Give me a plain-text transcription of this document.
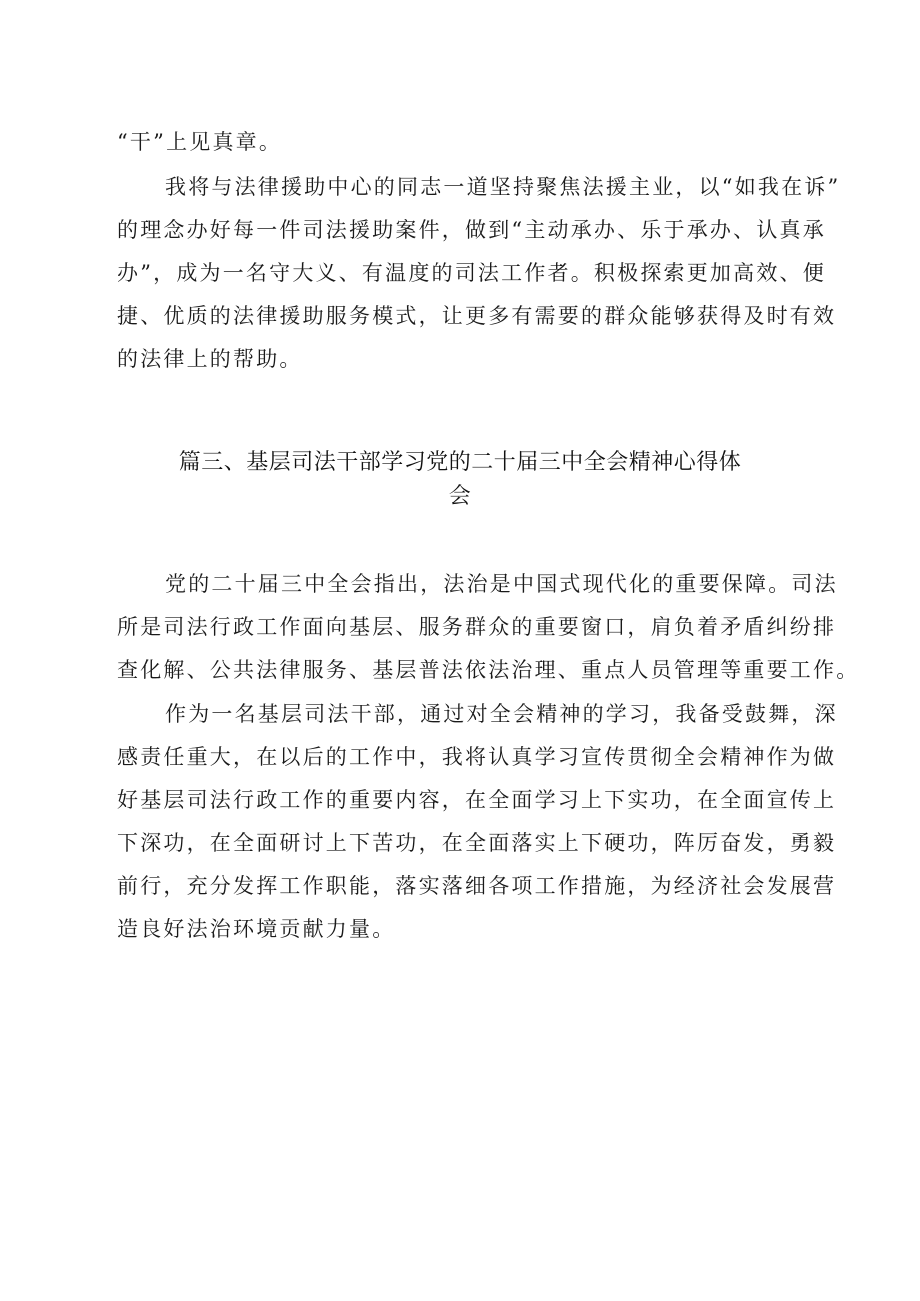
“干”上见真章。
我将与法律援助中心的同志一道坚持聚焦法援主业，以“如我在诉”
的理念办好每一件司法援助案件，做到“主动承办、乐于承办、认真承
办”，成为一名守大义、有温度的司法工作者。积极探索更加高效、便
捷、优质的法律援助服务模式，让更多有需要的群众能够获得及时有效
的法律上的帮助。
篇三、基层司法干部学习党的二十届三中全会精神心得体
会
党的二十届三中全会指出，法治是中国式现代化的重要保障。司法
所是司法行政工作面向基层、服务群众的重要窗口，肩负着矛盾纠纷排
查化解、公共法律服务、基层普法依法治理、重点人员管理等重要工作。
作为一名基层司法干部，通过对全会精神的学习，我备受鼓舞，深
感责任重大，在以后的工作中，我将认真学习宣传贯彻全会精神作为做
好基层司法行政工作的重要内容，在全面学习上下实功，在全面宣传上
下深功，在全面研讨上下苦功，在全面落实上下硬功，阵厉奋发，勇毅
前行，充分发挥工作职能，落实落细各项工作措施，为经济社会发展营
造良好法治环境贡献力量。
